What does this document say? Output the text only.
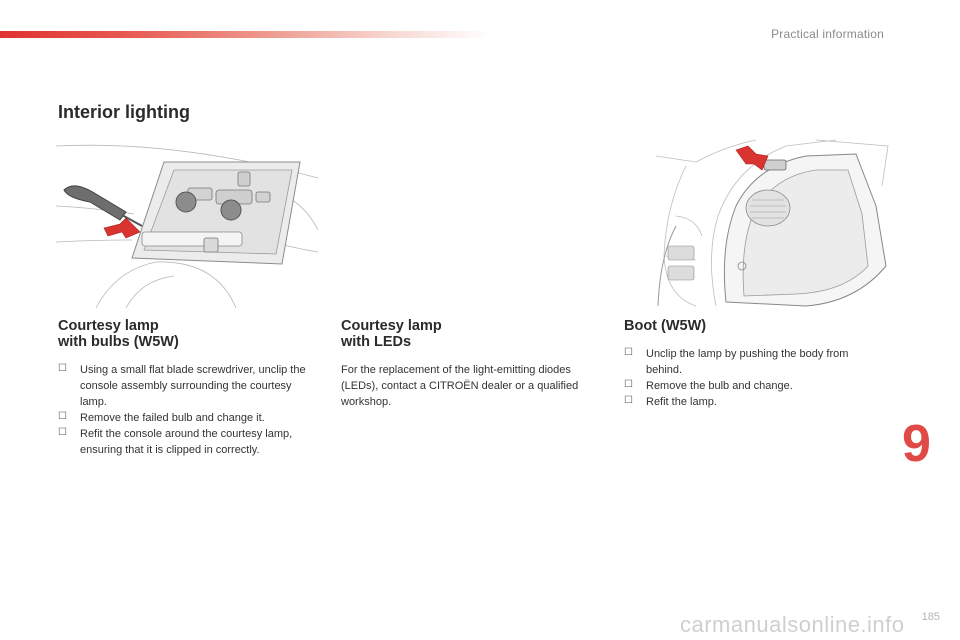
Practical information
Interior lighting
Courtesy lamp
with bulbs (W5W)
☐ Using a small flat blade screwdriver, unclip the console assembly surrounding the courtesy lamp.
☐ Remove the failed bulb and change it.
☐ Refit the console around the courtesy lamp, ensuring that it is clipped in correctly.
Courtesy lamp
with LEDs

For the replacement of the light-emitting diodes (LEDs), contact a CITROËN dealer or a qualified workshop.

Boot (W5W)
☐ Unclip the lamp by pushing the body from behind.
☐ Remove the bulb and change.
☐ Refit the lamp.
9
carmanualsonline.info 185
